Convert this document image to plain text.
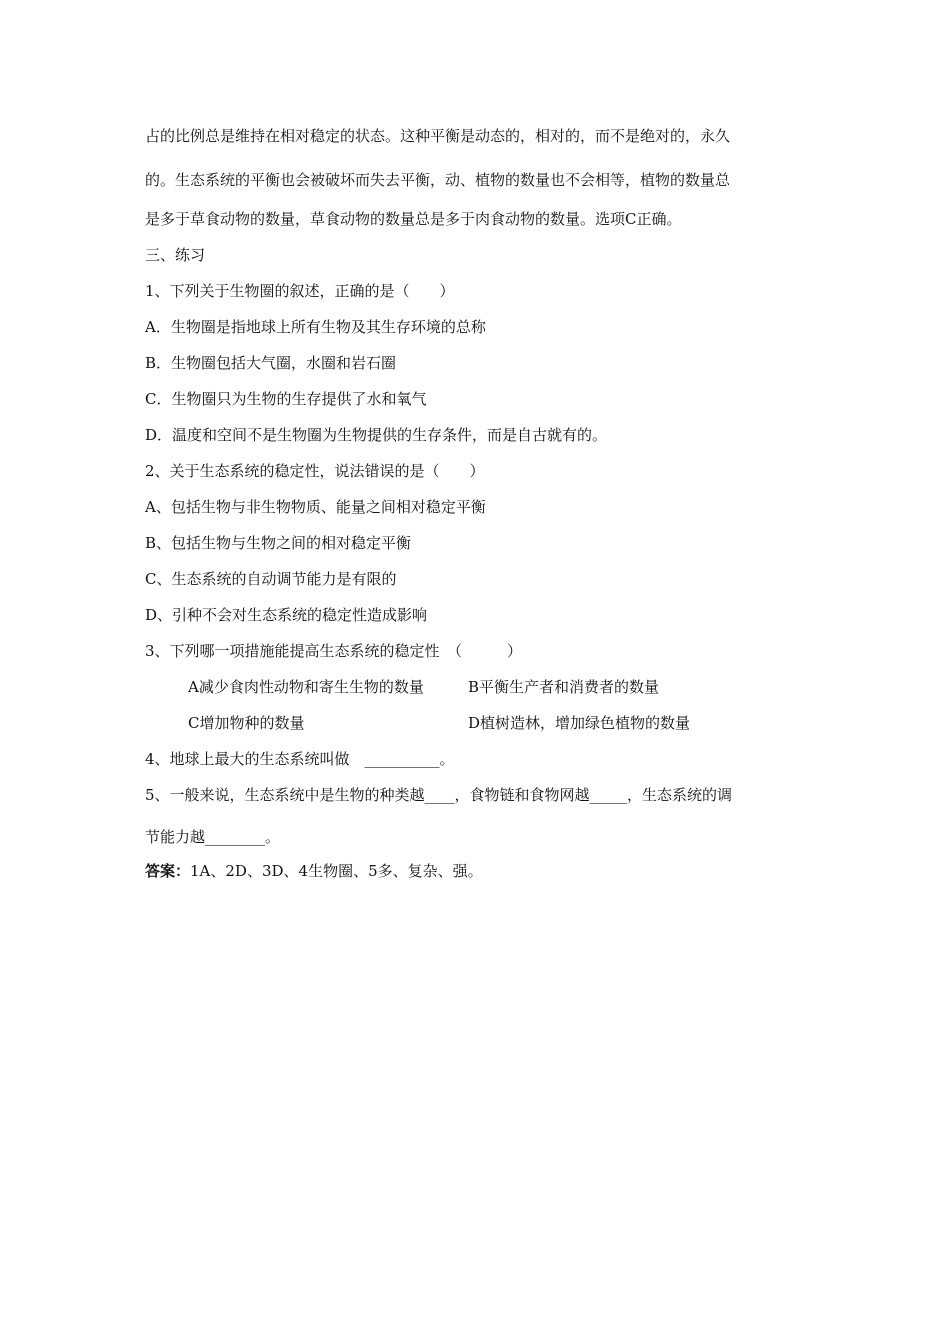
占的比例总是维持在相对稳定的状态。这种平衡是动态的，相对的，而不是绝对的，永久
的。生态系统的平衡也会被破坏而失去平衡，动、植物的数量也不会相等，植物的数量总
是多于草食动物的数量，草食动物的数量总是多于肉食动物的数量。选项C正确。
三、练习
1、下列关于生物圈的叙述，正确的是（　　）
A．生物圈是指地球上所有生物及其生存环境的总称
B．生物圈包括大气圈，水圈和岩石圈
C．生物圈只为生物的生存提供了水和氧气
D．温度和空间不是生物圈为生物提供的生存条件，而是自古就有的。
2、关于生态系统的稳定性，说法错误的是（　　）
A、包括生物与非生物物质、能量之间相对稳定平衡
B、包括生物与生物之间的相对稳定平衡
C、生态系统的自动调节能力是有限的
D、引种不会对生态系统的稳定性造成影响
3、下列哪一项措施能提高生态系统的稳定性　（　　　）
A减少食肉性动物和寄生生物的数量	B平衡生产者和消费者的数量
C增加物种的数量	D植树造林，增加绿色植物的数量
4、地球上最大的生态系统叫做　__________。
5、一般来说，生态系统中是生物的种类越____，食物链和食物网越_____，生态系统的调
节能力越________。
答案：1A、2D、3D、4生物圈、5多、复杂、强。
